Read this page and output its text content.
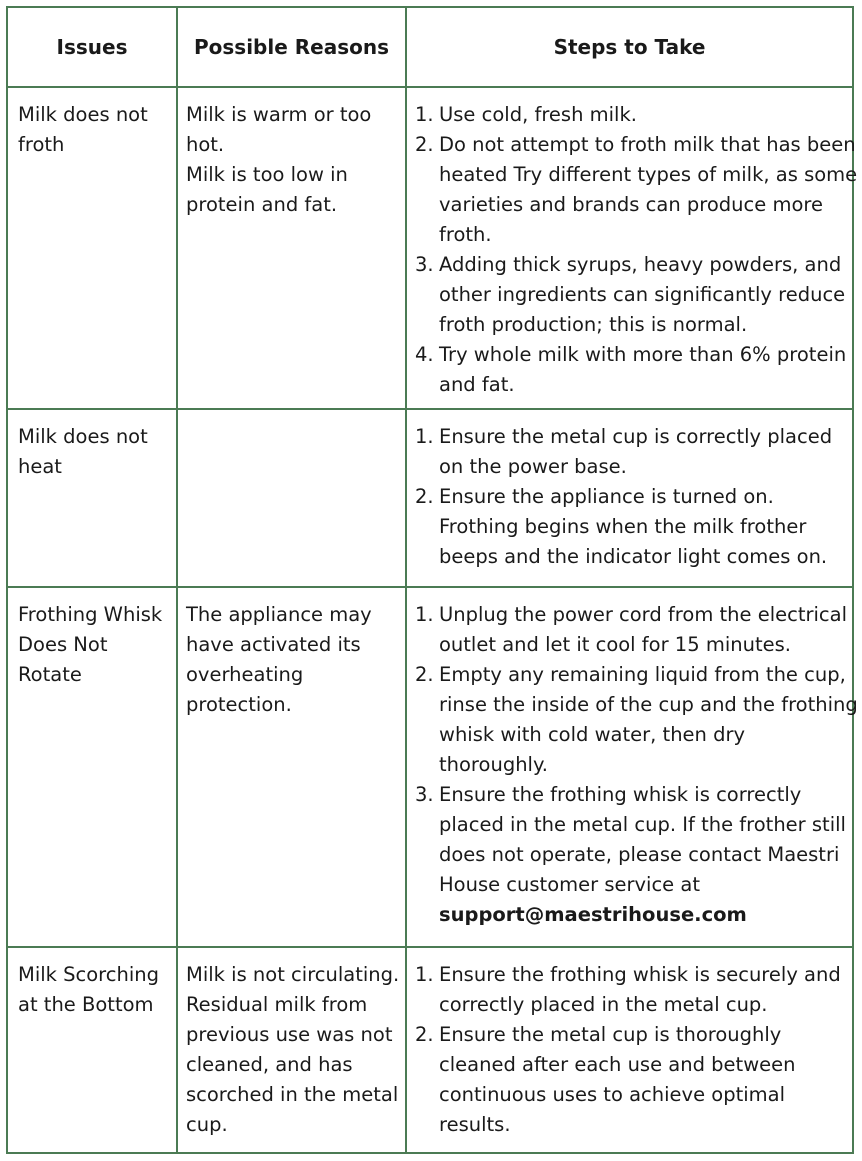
Issues	Possible Reasons	Steps to Take
Milk does not
froth
Milk is warm or too
hot.
Milk is too low in
protein and fat.
1. Use cold, fresh milk.
2. Do not attempt to froth milk that has been
heated Try different types of milk, as some
varieties and brands can produce more
froth.
3. Adding thick syrups, heavy powders, and
other ingredients can significantly reduce
froth production; this is normal.
4. Try whole milk with more than 6% protein
and fat.
Milk does not
heat
1. Ensure the metal cup is correctly placed
on the power base.
2. Ensure the appliance is turned on.
Frothing begins when the milk frother
beeps and the indicator light comes on.
Frothing Whisk
Does Not
Rotate
The appliance may
have activated its
overheating
protection.
1. Unplug the power cord from the electrical
outlet and let it cool for 15 minutes.
2. Empty any remaining liquid from the cup,
rinse the inside of the cup and the frothing
whisk with cold water, then dry
thoroughly.
3. Ensure the frothing whisk is correctly
placed in the metal cup. If the frother still
does not operate, please contact Maestri
House customer service at
support@maestrihouse.com
Milk Scorching
at the Bottom
Milk is not circulating.
Residual milk from
previous use was not
cleaned, and has
scorched in the metal
cup.
1. Ensure the frothing whisk is securely and
correctly placed in the metal cup.
2. Ensure the metal cup is thoroughly
cleaned after each use and between
continuous uses to achieve optimal
results.
